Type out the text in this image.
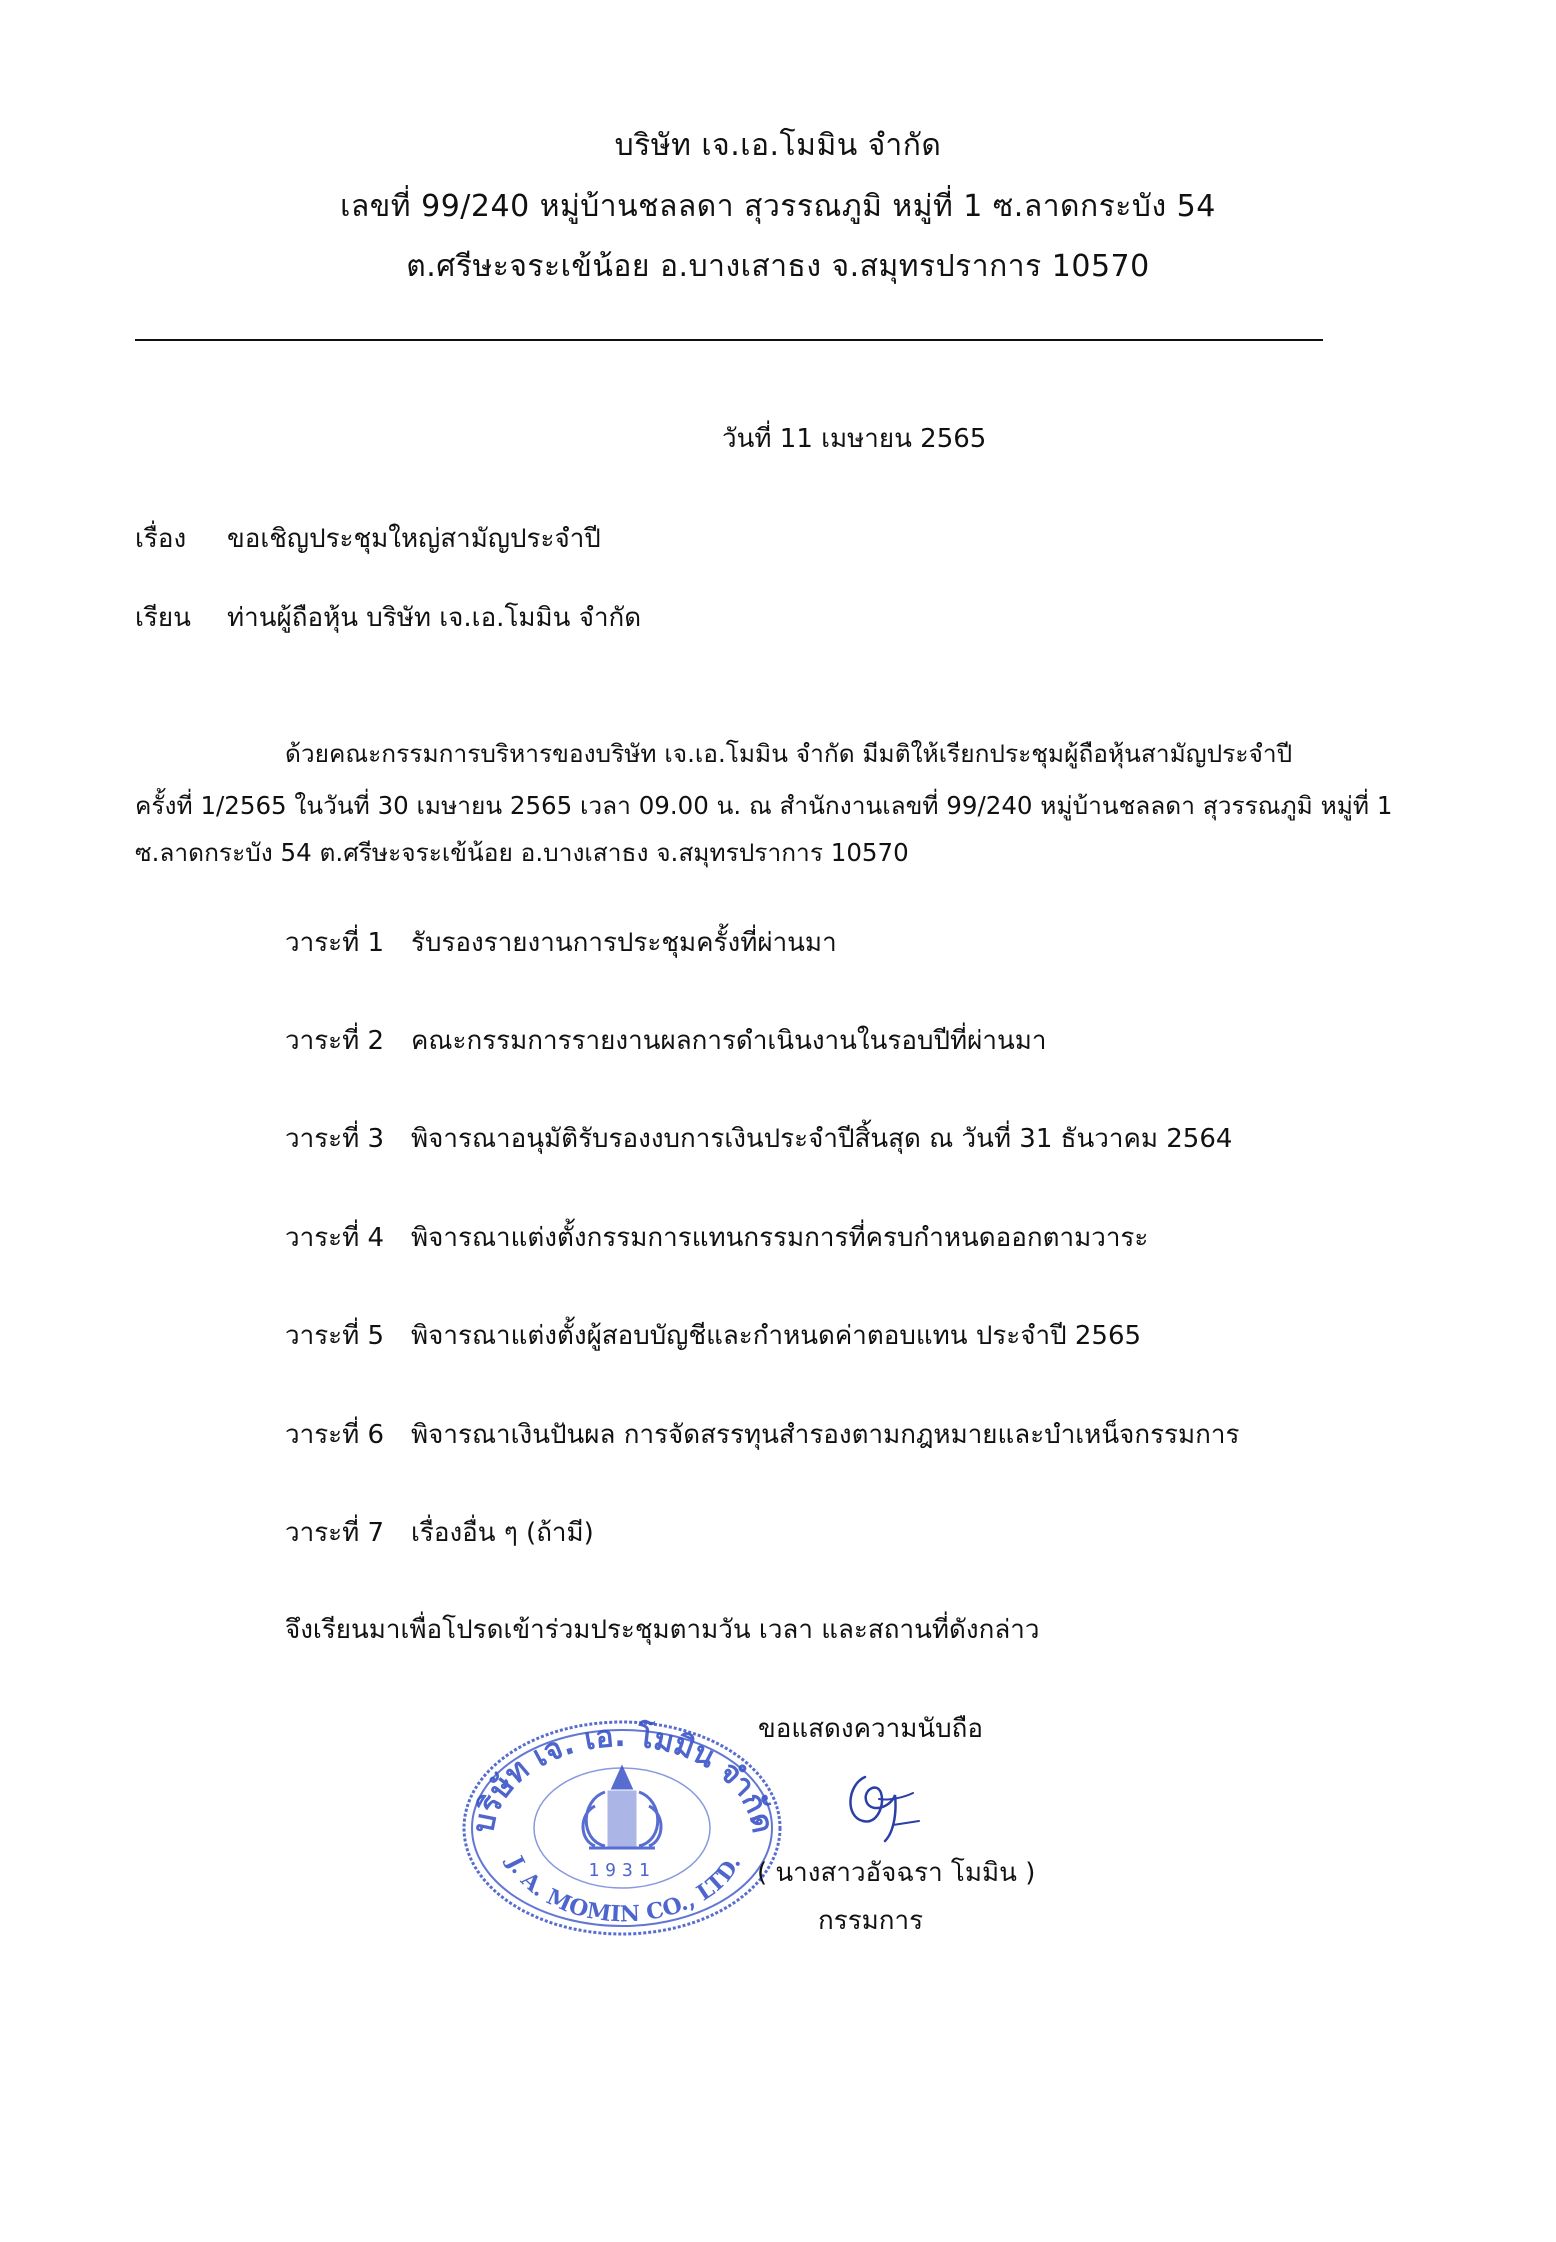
บริษัท เจ.เอ.โมมิน จำกัด
เลขที่ 99/240 หมู่บ้านชลลดา สุวรรณภูมิ หมู่ที่ 1 ซ.ลาดกระบัง 54
ต.ศรีษะจระเข้น้อย อ.บางเสาธง จ.สมุทรปราการ 10570
วันที่ 11 เมษายน 2565
เรื่อง ขอเชิญประชุมใหญ่สามัญประจำปี
เรียน ท่านผู้ถือหุ้น บริษัท เจ.เอ.โมมิน จำกัด
ด้วยคณะกรรมการบริหารของบริษัท เจ.เอ.โมมิน จำกัด มีมติให้เรียกประชุมผู้ถือหุ้นสามัญประจำปี
ครั้งที่ 1/2565 ในวันที่ 30 เมษายน 2565 เวลา 09.00 น. ณ สำนักงานเลขที่ 99/240 หมู่บ้านชลลดา สุวรรณภูมิ หมู่ที่ 1
ซ.ลาดกระบัง 54 ต.ศรีษะจระเข้น้อย อ.บางเสาธง จ.สมุทรปราการ 10570
วาระที่ 1 รับรองรายงานการประชุมครั้งที่ผ่านมา
วาระที่ 2 คณะกรรมการรายงานผลการดำเนินงานในรอบปีที่ผ่านมา
วาระที่ 3 พิจารณาอนุมัติรับรองงบการเงินประจำปีสิ้นสุด ณ วันที่ 31 ธันวาคม 2564
วาระที่ 4 พิจารณาแต่งตั้งกรรมการแทนกรรมการที่ครบกำหนดออกตามวาระ
วาระที่ 5 พิจารณาแต่งตั้งผู้สอบบัญชีและกำหนดค่าตอบแทน ประจำปี 2565
วาระที่ 6 พิจารณาเงินปันผล การจัดสรรทุนสำรองตามกฎหมายและบำเหน็จกรรมการ
วาระที่ 7 เรื่องอื่น ๆ (ถ้ามี)
จึงเรียนมาเพื่อโปรดเข้าร่วมประชุมตามวัน เวลา และสถานที่ดังกล่าว
ขอแสดงความนับถือ
บริษัท เจ. เอ. โมมิน จำกัด
J. A. MOMIN CO., LTD.
1931	( นางสาวอัจฉรา โมมิน )
กรรมการ
